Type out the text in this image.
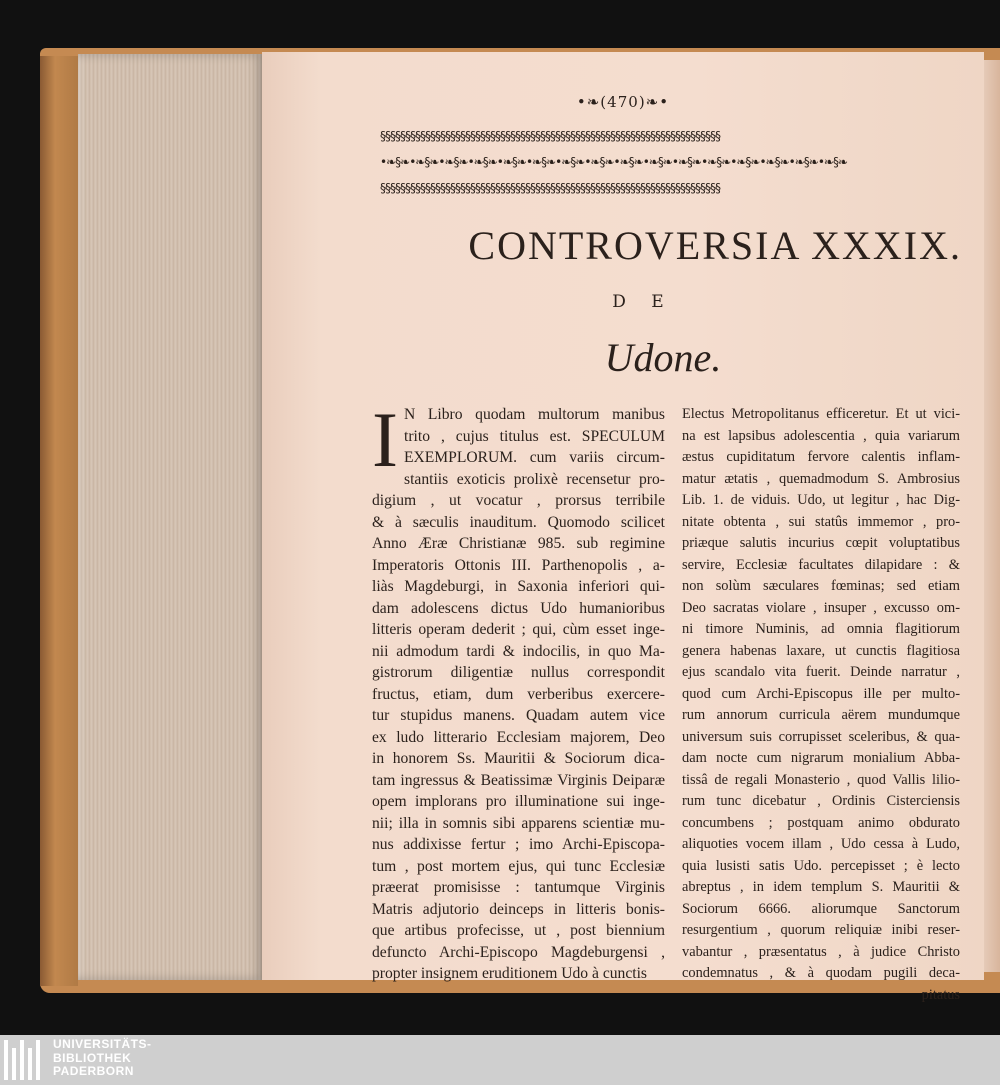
•❧(470)❧•
§§§§§§§§§§§§§§§§§§§§§§§§§§§§§§§§§§§§§§§§§§§§§§§§§§§§§§§§§§§§§§§§§§§§
•❧§❧•❧§❧•❧§❧•❧§❧•❧§❧•❧§❧•❧§❧•❧§❧•❧§❧•❧§❧•❧§❧•❧§❧•❧§❧•❧§❧•❧§❧•❧§❧
§§§§§§§§§§§§§§§§§§§§§§§§§§§§§§§§§§§§§§§§§§§§§§§§§§§§§§§§§§§§§§§§§§§§
CONTROVERSIA XXXIX.
D E
Udone.
I N Libro quodam multorum manibus
trito , cujus titulus est. SPECULUM
EXEMPLORUM. cum variis circum-
stantiis exoticis prolixè recensetur pro-
digium , ut vocatur , prorsus terribile
& à sæculis inauditum. Quomodo scilicet
Anno Æræ Christianæ 985. sub regimine
Imperatoris Ottonis III. Parthenopolis , a-
liàs Magdeburgi, in Saxonia inferiori qui-
dam adolescens dictus Udo humanioribus
litteris operam dederit ; qui, cùm esset inge-
nii admodum tardi & indocilis, in quo Ma-
gistrorum diligentiæ nullus correspondit
fructus, etiam, dum verberibus exercere-
tur stupidus manens. Quadam autem vice
ex ludo litterario Ecclesiam majorem, Deo
in honorem Ss. Mauritii & Sociorum dica-
tam ingressus & Beatissimæ Virginis Deiparæ
opem implorans pro illuminatione sui inge-
nii; illa in somnis sibi apparens scientiæ mu-
nus addixisse fertur ; imo Archi-Episcopa-
tum , post mortem ejus, qui tunc Ecclesiæ
præerat promisisse : tantumque Virginis
Matris adjutorio deinceps in litteris bonis-
que artibus profecisse, ut , post biennium
defuncto Archi-Episcopo Magdeburgensi ,
propter insignem eruditionem Udo à cunctis
Electus Metropolitanus efficeretur. Et ut vici-
na est lapsibus adolescentia , quia variarum
æstus cupiditatum fervore calentis inflam-
matur ætatis , quemadmodum S. Ambrosius
Lib. 1. de viduis. Udo, ut legitur , hac Dig-
nitate obtenta , sui statûs immemor , pro-
priæque salutis incurius cœpit voluptatibus
servire, Ecclesiæ facultates dilapidare : &
non solùm sæculares fœminas; sed etiam
Deo sacratas violare , insuper , excusso om-
ni timore Numinis, ad omnia flagitiorum
genera habenas laxare, ut cunctis flagitiosa
ejus scandalo vita fuerit. Deinde narratur ,
quod cum Archi-Episcopus ille per multo-
rum annorum curricula aërem mundumque
universum suis corrupisset sceleribus, & qua-
dam nocte cum nigrarum monialium Abba-
tissâ de regali Monasterio , quod Vallis lilio-
rum tunc dicebatur , Ordinis Cisterciensis
concumbens ; postquam animo obdurato
aliquoties vocem illam , Udo cessa à Ludo,
quia lusisti satis Udo. percepisset ; è lecto
abreptus , in idem templum S. Mauritii &
Sociorum 6666. aliorumque Sanctorum
resurgentium , quorum reliquiæ inibi reser-
vabantur , præsentatus , à judice Christo
condemnatus , & à quodam pugili deca-
pitatus
UNIVERSITÄTS-
BIBLIOTHEK
PADERBORN
